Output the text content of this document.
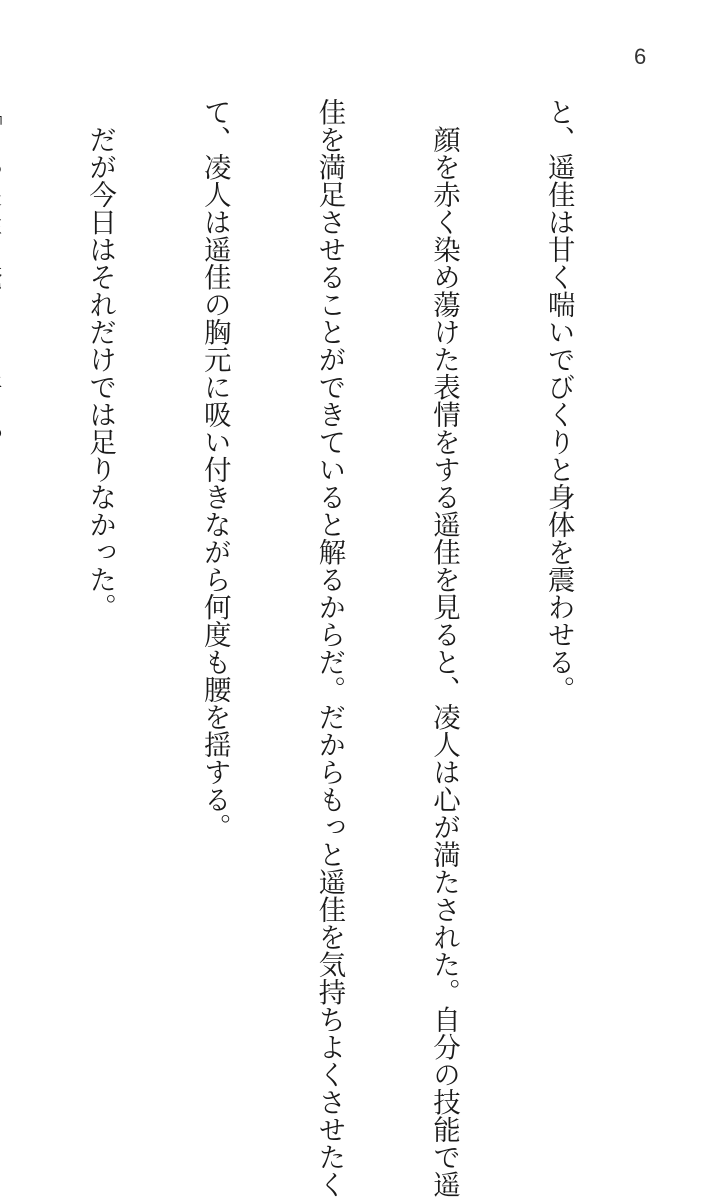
6

と、遥佳は甘く喘いでびくりと身体を震わせる。

　顔を赤く染め蕩けた表情をする遥佳を見ると、凌人は心が満たされた。自分の技能で遥

佳を満足させることができていると解るからだ。だからもっと遥佳を気持ちよくさせたく

て、凌人は遥佳の胸元に吸い付きながら何度も腰を揺する。

　だが今日はそれだけでは足りなかった。
